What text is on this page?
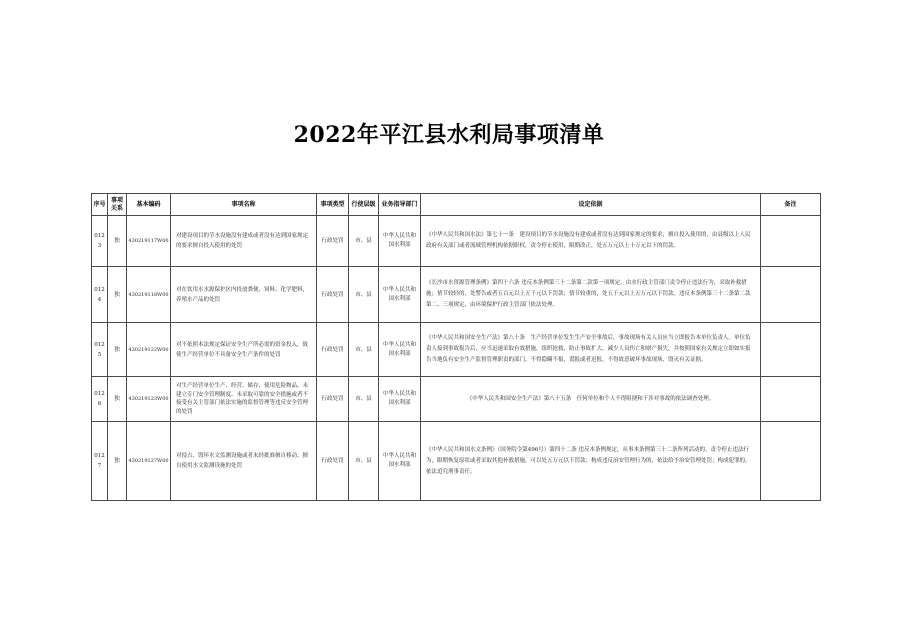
2022年平江县水利局事项清单
序号	事项关系	基本编码	事项名称	事项类型	行使层级	业务指导部门	设定依据	备注
0123	独	430219117W00	对建设项目的节水设施没有建成或者没有达到国家规定的要求擅自投入使用的处罚	行政处罚	市、县	中华人民共和国水利部	《中华人民共和国水法》第七十一条　建设项目的节水设施没有建成或者没有达到国家规定的要求，擅自投入使用的，由县级以上人民政府有关部门或者流域管理机构依据职权，责令停止使用，限期改正，处五万元以上十万元以下的罚款。	
0124	独	430219118W00	对在饮用水水源保护区内投放粪便、饲料、化学肥料，养殖水产品的处罚	行政处罚	市、县	中华人民共和国水利部	《长沙市水资源管理条例》第四十六条 违反本条例第三十二条第二款第一项规定，由水行政主管部门责令停止违法行为，采取补救措施；情节较轻的，处警告或者五百元以上五千元以下罚款；情节较重的，处五千元以上五万元以下罚款。违反本条例第三十二条第二款第二、三项规定，由环境保护行政主管部门依法处理。	
0125	独	430219122W00	对不依照本法规定保证安全生产所必需的资金投入，致使生产经营单位不具备安全生产条件的处罚	行政处罚	市、县	中华人民共和国水利部	《中华人民共和国安全生产法》第八十条　生产经营单位发生生产安全事故后，事故现场有关人员应当立即报告本单位负责人。单位负责人接到事故报告后，应当迅速采取有效措施，组织抢救，防止事故扩大，减少人员伤亡和财产损失，并按照国家有关规定立即如实报告当地负有安全生产监督管理职责的部门，不得隐瞒不报、谎报或者迟报，不得故意破坏事故现场、毁灭有关证据。	
0126	独	430219123W00	对生产经营单位生产、经营、储存、使用危险物品，未建立专门安全管理制度、未采取可靠的安全措施或者不接受有关主管部门依法实施的监督管理等违反安全管理的处罚	行政处罚	市、县	中华人民共和国水利部	《中华人民共和国安全生产法》第八十五条　任何单位和个人不得阻挠和干涉对事故的依法调查处理。	
0127	独	430219127W00	对侵占、毁坏水文监测设施或者未经批准擅自移动、擅自使用水文监测设施的处罚	行政处罚	市、县	中华人民共和国水利部	《中华人民共和国水文条例》（国务院令第496号）第四十二条 违反本条例规定，从事本条例第三十二条所列活动的，责令停止违法行为，限期恢复原状或者采取其他补救措施，可以处五万元以下罚款；构成违反治安管理行为的，依法给予治安管理处罚；构成犯罪的，依法追究刑事责任。	
